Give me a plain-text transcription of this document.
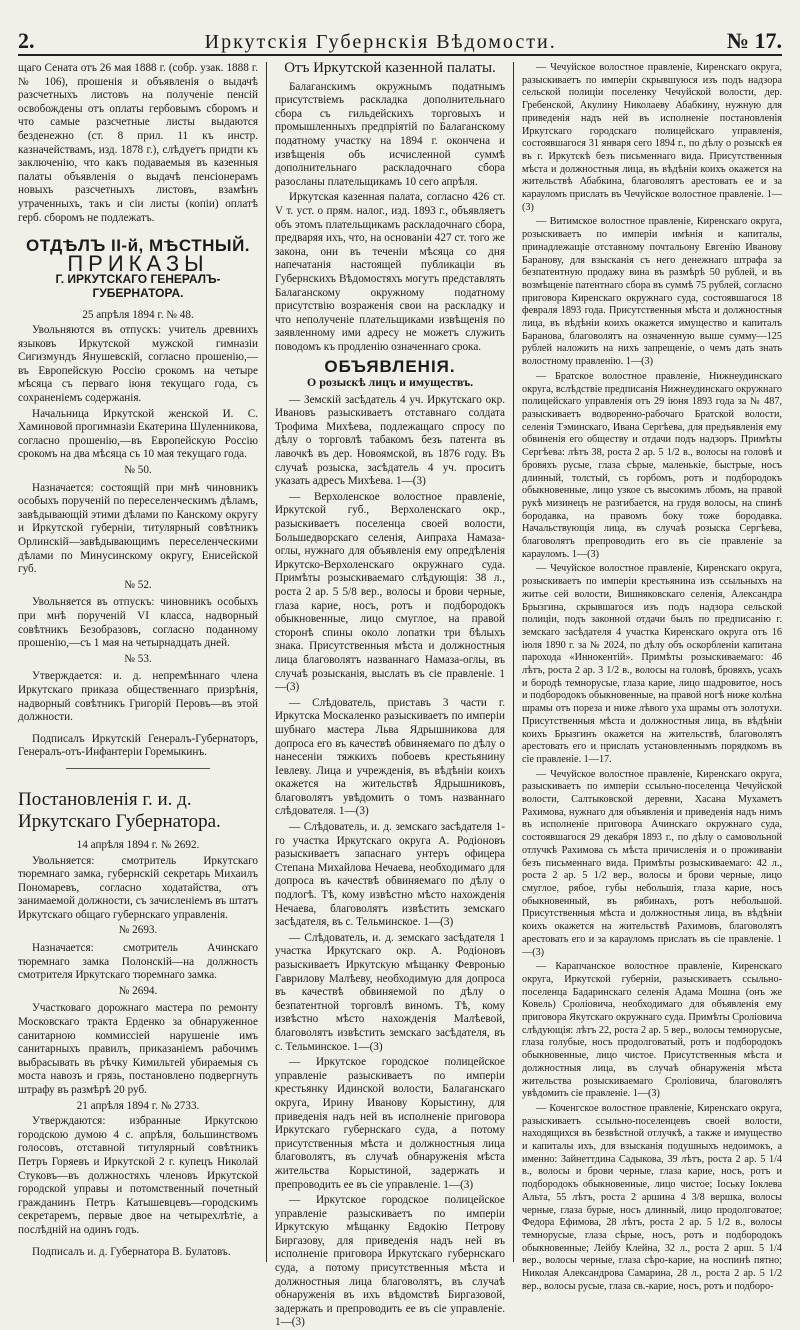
2.	Иркутскія Губернскія Вѣдомости.	№ 17.

щаго Сената отъ 26 мая 1888 г. (собр. узак. 1888 г. № 106), прошенія и объявленія о выдачѣ разсчетныхъ листовъ на полученіе пенсій освобождены отъ оплаты гербовымъ сборомъ и что самые разсчетные листы выдаются безденежно (ст. 8 прил. 11 къ инстр. казначействамъ, изд. 1878 г.), слѣдуетъ придти къ заключенію, что какъ подаваемыя въ казенныя палаты объявленія о выдачѣ пенсіонерамъ новыхъ разсчетныхъ листовъ, взамѣнъ утраченныхъ, такъ и сіи листы (копіи) оплатѣ герб. сборомъ не подлежатъ.

ОТДѢЛЪ II-й, МѢСТНЫЙ.
ПРИКАЗЫ
Г. ИРКУТСКАГО ГЕНЕРАЛЪ-ГУБЕРНАТОРА.
25 апрѣля 1894 г. № 48.

Увольняются въ отпускъ: учитель древнихъ языковъ Иркутской мужской гимназіи Сигизмундъ Янушевскій, согласно прошенію,—въ Европейскую Россію срокомъ на четыре мѣсяца съ перваго іюня текущаго года, съ сохраненіемъ содержанія.

Начальница Иркутской женской И. С. Хаминовой прогимназіи Екатерина Шуленникова, согласно прошенію,—въ Европейскую Россію срокомъ на два мѣсяца съ 10 мая текущаго года.

№ 50.

Назначается: состоящій при мнѣ чиновникъ особыхъ порученій по переселенческимъ дѣламъ, завѣдывающій этими дѣлами по Канскому округу и Иркутской губерніи, титулярный совѣтникъ Орлинскій—завѣдывающимъ переселенческими дѣлами по Минусинскому округу, Енисейской губ.

№ 52.

Увольняется въ отпускъ: чиновникъ особыхъ при мнѣ порученій VI класса, надворный совѣтникъ Безобразовъ, согласно поданному прошенію,—съ 1 мая на четырнадцать дней.

№ 53.

Утверждается: и. д. непремѣннаго члена Иркутскаго приказа общественнаго призрѣнія, надворный совѣтникъ Григорій Перовъ—въ этой должности.

Подписалъ Иркутскій Генералъ-Губернаторъ, Генералъ-отъ-Инфантеріи Горемыкинъ.

Постановленія г. и. д. Иркутскаго Губернатора.
14 апрѣля 1894 г. № 2692.

Увольняется: смотритель Иркутскаго тюремнаго замка, губернскій секретарь Михаилъ Пономаревъ, согласно ходатайства, отъ занимаемой должности, съ зачисленіемъ въ штатъ Иркутскаго общаго губернскаго управленія.

№ 2693.

Назначается: смотритель Ачинскаго тюремнаго замка Полонскій—на должность смотрителя Иркутскаго тюремнаго замка.

№ 2694.

Участковаго дорожнаго мастера по ремонту Московскаго тракта Ерденко за обнаруженное санитарною коммиссіей нарушеніе имъ санитарныхъ правилъ, приказанiемъ рабочимъ выбрасывать въ рѣчку Кимильтей убираемыя съ моста навозъ и грязь, постановлено подвергнуть штрафу въ размѣрѣ 20 руб.

21 апрѣля 1894 г. № 2733.

Утверждаются: избранные Иркутскою городскою думою 4 с. апрѣля, большинствомъ голосовъ, отставной титулярный совѣтникъ Петръ Горяевъ и Иркутской 2 г. купецъ Николай Стуковъ—въ должностяхъ членовъ Иркутской городской управы и потомственный почетный гражданинъ Петръ Катышевцевъ—городскимъ секретаремъ, первые двое на четырехлѣтіе, а послѣдній на одинъ годъ.

Подписалъ и. д. Губернатора В. Булатовъ.

Отъ Иркутской казенной палаты.

Балаганскимъ окружнымъ податнымъ присутствіемъ раскладка дополнительнаго сбора съ гильдейскихъ торговыхъ и промышленныхъ предпріятій по Балаганскому податному участку на 1894 г. окончена и извѣщенія объ исчисленной суммѣ дополнительнаго раскладочнаго сбора разосланы плательщикамъ 10 сего апрѣля.

Иркутская казенная палата, согласно 426 ст. V т. уст. о прям. налог., изд. 1893 г., объявляетъ объ этомъ плательщикамъ раскладочнаго сбора, предваряя ихъ, что, на основаніи 427 ст. того же закона, они въ теченіи мѣсяца со дня напечатанія настоящей публикаціи въ Губернскихъ Вѣдомостяхъ могутъ представлять Балаганскому окружному податному присутствію возраженія свои на раскладку и что неполученіе плательщиками извѣщенія по заявленному ими адресу не можетъ служить поводомъ къ продленію означеннаго срока.

ОБЪЯВЛЕНІЯ.
О розыскѣ лицъ и имуществъ.

— Земскій засѣдатель 4 уч. Иркутскаго окр. Ивановъ разыскиваетъ отставнаго солдата Трофима Михѣева, подлежащаго спросу по дѣлу о торговлѣ табакомъ безъ патента въ лавочкѣ въ дер. Новоямской, въ 1876 году. Въ случаѣ розыска, засѣдатель 4 уч. проситъ указать адресъ Михѣева. 1—(3)

— Верхоленское волостное правленіе, Иркутской губ., Верхоленскаго окр., разыскиваетъ поселенца своей волости, Большедворскаго селенія, Аипраха Намаза-оглы, нужнаго для объявленія ему опредѣленія Иркутско-Верхоленскаго окружнаго суда. Примѣты розыскиваемаго слѣдующія: 38 л., роста 2 ар. 5 5/8 вер., волосы и брови черные, глаза карие, носъ, ротъ и подбородокъ обыкновенные, лицо смуглое, на правой сторонѣ спины около лопатки три бѣлыхъ знака. Присутственныя мѣста и должностныя лица благоволятъ названнаго Намаза-оглы, въ случаѣ розысканія, выслать въ сіе правленіе. 1—(3)

— Слѣдователь, приставъ 3 части г. Иркутска Москаленко разыскиваетъ по имперіи шубнаго мастера Льва Ядрышникова для допроса его въ качествѣ обвиняемаго по дѣлу о нанесеніи тяжкихъ побоевъ крестьянину Іевлеву. Лица и учрежденія, въ вѣдѣніи коихъ окажется на жительствѣ Ядрышниковъ, благоволятъ увѣдомить о томъ названнаго слѣдователя. 1—(3)

— Слѣдователь, и. д. земскаго засѣдателя 1-го участка Иркутскаго округа А. Родіоновъ разыскиваетъ запаснаго унтеръ офицера Степана Михайлова Нечаева, необходимаго для допроса въ качествѣ обвиняемаго по дѣлу о подлогѣ. Тѣ, кому извѣстно мѣсто нахожденія Нечаева, благоволятъ извѣстить земскаго засѣдателя, въ с. Тельминское. 1—(3)

— Слѣдователь, и. д. земскаго засѣдателя 1 участка Иркутскаго окр. А. Родіоновъ разыскиваетъ Иркутскую мѣщанку Февронью Гаврилову Малѣеву, необходимую для допроса въ качествѣ обвиняемой по дѣлу о безпатентной торговлѣ виномъ. Тѣ, кому извѣстно мѣсто нахожденія Малѣевой, благоволятъ извѣстить земскаго засѣдателя, въ с. Тельминское. 1—(3)

— Иркутское городское полицейское управленіе разыскиваетъ по имперіи крестьянку Идинской волости, Балаганскаго округа, Ирину Иванову Корыстину, для приведенія надъ ней въ исполненіе приговора Иркутскаго губернскаго суда, а потому присутственныя мѣста и должностныя лица благоволятъ, въ случаѣ обнаруженія мѣста жительства Корыстиной, задержать и препроводить ее въ сіе управленіе. 1—(3)

— Иркутское городское полицейское управленіе разыскиваетъ по имперіи Иркутскую мѣщанку Евдокію Петрову Биргазову, для приведенія надъ ней въ исполненіе приговора Иркутскаго губернскаго суда, а потому присутственныя мѣста и должностныя лица благоволятъ, въ случаѣ обнаруженія въ ихъ вѣдомствѣ Биргазовой, задержать и препроводить ее въ сіе управленіе. 1—(3)

— Чечуйское волостное правленіе, Киренскаго округа, разыскиваетъ по имперіи скрывшуюся изъ подъ надзора сельской полиціи поселенку Чечуйской волости, дер. Гребенской, Акулину Николаеву Абабкину, нужную для приведенія надъ ней въ исполненіе постановленія Иркутскаго городскаго полицейскаго управленія, состоявшагося 31 января сего 1894 г., по дѣлу о розыскѣ ея въ г. Иркутскѣ безъ письменнаго вида. Присутственныя мѣста и должностныя лица, въ вѣдѣніи коихъ окажется на жительствѣ Абабкина, благоволятъ арестовать ее и за карауломъ прислать въ Чечуйское волостное правленіе. 1—(3)

— Витимское волостное правленіе, Киренскаго округа, розыскиваетъ по имперіи имѣнія и капиталы, принадлежащіе отставному почтальону Евгенію Иванову Баранову, для взысканія съ него денежнаго штрафа за безпатентную продажу вина въ размѣрѣ 50 рублей, и въ возмѣщеніе патентнаго сбора въ суммѣ 75 рублей, согласно приговора Киренскаго окружнаго суда, состоявшагося 18 февраля 1893 года. Присутственныя мѣста и должностныя лица, въ вѣдѣніи коихъ окажется имущество и капиталъ Баранова, благоволятъ на означенную выше сумму—125 рублей наложить на нихъ запрещеніе, о чемъ дать знать волостному правленію. 1—(3)

— Братское волостное правленіе, Нижнеудинскаго округа, вслѣдствіе предписанія Нижнеудинскаго окружнаго полицейскаго управленія отъ 29 іюня 1893 года за № 487, разыскиваетъ водворенно-рабочаго Братской волости, селенія Тэминскаго, Ивана Сергѣева, для предъявленія ему обвиненія его обществу и отдачи подъ надзоръ. Примѣты Сергѣева: лѣтъ 38, роста 2 ар. 5 1/2 в., волосы на головѣ и бровяхъ русые, глаза сѣрые, маленькіе, быстрые, носъ длинный, толстый, съ горбомъ, ротъ и подбородокъ обыкновенные, лицо узкое съ высокимъ лбомъ, на правой рукѣ мизинецъ не разгибается, на грудя волосы, на спинѣ бородавка, на правомъ боку тоже бородавка. Начальствующія лица, въ случаѣ розыска Сергѣева, благоволятъ препроводить его въ сіе правленіе за карауломъ. 1—(3)

— Чечуйское волостное правленіе, Киренскаго округа, розыскиваетъ по имперіи крестьянина изъ ссыльныхъ на житье сей волости, Вишняковскаго селенія, Александра Брызгина, скрывшагося изъ подъ надзора сельской полиціи, подъ законной отдачи былъ по предписанію г. земскаго засѣдателя 4 участка Киренскаго округа отъ 16 іюля 1890 г. за № 2024, по дѣлу объ оскорбленіи капитана парохода «Иннокентій». Примѣты розыскиваемаго: 46 лѣтъ, роста 2 ар. 3 1/2 в., волосы на головѣ, бровяхъ, усахъ и бородѣ темнорусые, глаза карие, лицо шадровитое, носъ и подбородокъ обыкновенные, на правой ногѣ ниже колѣна шрамы отъ пореза и ниже лѣвого уха шрамы отъ золотухи. Присутственныя мѣста и должностныя лица, въ вѣдѣніи коихъ Брызгинъ окажется на жительствѣ, благоволятъ арестовать его и прислать установленнымъ порядкомъ въ сіе правленіе. 1—17.

— Чечуйское волостное правленіе, Киренскаго округа, разыскиваетъ по имперіи ссыльно-поселенца Чечуйской волости, Салтыковской деревни, Хасана Мухаметъ Рахимова, нужнаго для объявленія и приведенія надъ нимъ въ исполненіе приговора Ачинскаго окружнаго суда, состоявшагося 29 декабря 1893 г., по дѣлу о самовольной отлучкѣ Рахимова съ мѣста причисленія и о проживаніи безъ письменнаго вида. Примѣты розыскиваемаго: 42 л., роста 2 ар. 5 1/2 вер., волосы и брови черные, лицо смуглое, рябое, губы небольшія, глаза карие, носъ обыкновенный, въ рябинахъ, ротъ небольшой. Присутственныя мѣста и должностныя лица, въ вѣдѣніи коихъ окажется на жительствѣ Рахимовъ, благоволятъ арестовать его и за карауломъ прислать въ сіе правленіе. 1—(3)

— Карапчанское волостное правленіе, Киренскаго округа, Иркутской губерніи, разыскиваетъ ссыльно-поселенца Бадаринскаго селенія Адама Мошна (онъ же Ковель) Сроліовича, необходимаго для объявленія ему приговора Якутскаго окружнаго суда. Примѣты Сроліовича слѣдующія: лѣтъ 22, роста 2 ар. 5 вер., волосы темнорусые, глаза голубые, носъ продолговатый, ротъ и подбородокъ обыкновенные, лицо чистое. Присутственныя мѣста и должностныя лица, въ случаѣ обнаруженія мѣста жительства розыскиваемаго Сроліовича, благоволятъ увѣдомить сіе правленіе. 1—(3)

— Коченгское волостное правленіе, Киренскаго округа, разыскиваетъ ссыльно-поселенцевъ своей волости, находящихся въ безвѣстной отлучкѣ, а также и имущество и капиталы ихъ, для взысканія подушныхъ недоимокъ, а именно: Зайнеттдина Садыкова, 39 лѣтъ, роста 2 ар. 5 1/4 в., волосы и брови черные, глаза карие, носъ, ротъ и подбородокъ обыкновенные, лицо чистое; Іоську Іоклева Альта, 55 лѣтъ, роста 2 аршина 4 3/8 вершка, волосы черные, глаза бурые, носъ длинный, лицо продолговатое; Федора Ефимова, 28 лѣтъ, роста 2 ар. 5 1/2 в., волосы темнорусые, глаза сѣрые, носъ, ротъ и подбородокъ обыкновенные; Лейбу Клейна, 32 л., роста 2 арш. 5 1/4 вер., волосы черные, глаза сѣро-карие, на носпинѣ пятно; Николая Александрова Самарина, 28 л., роста 2 ар. 5 1/2 вер., волосы русые, глаза св.-карие, носъ, ротъ и подборо-
